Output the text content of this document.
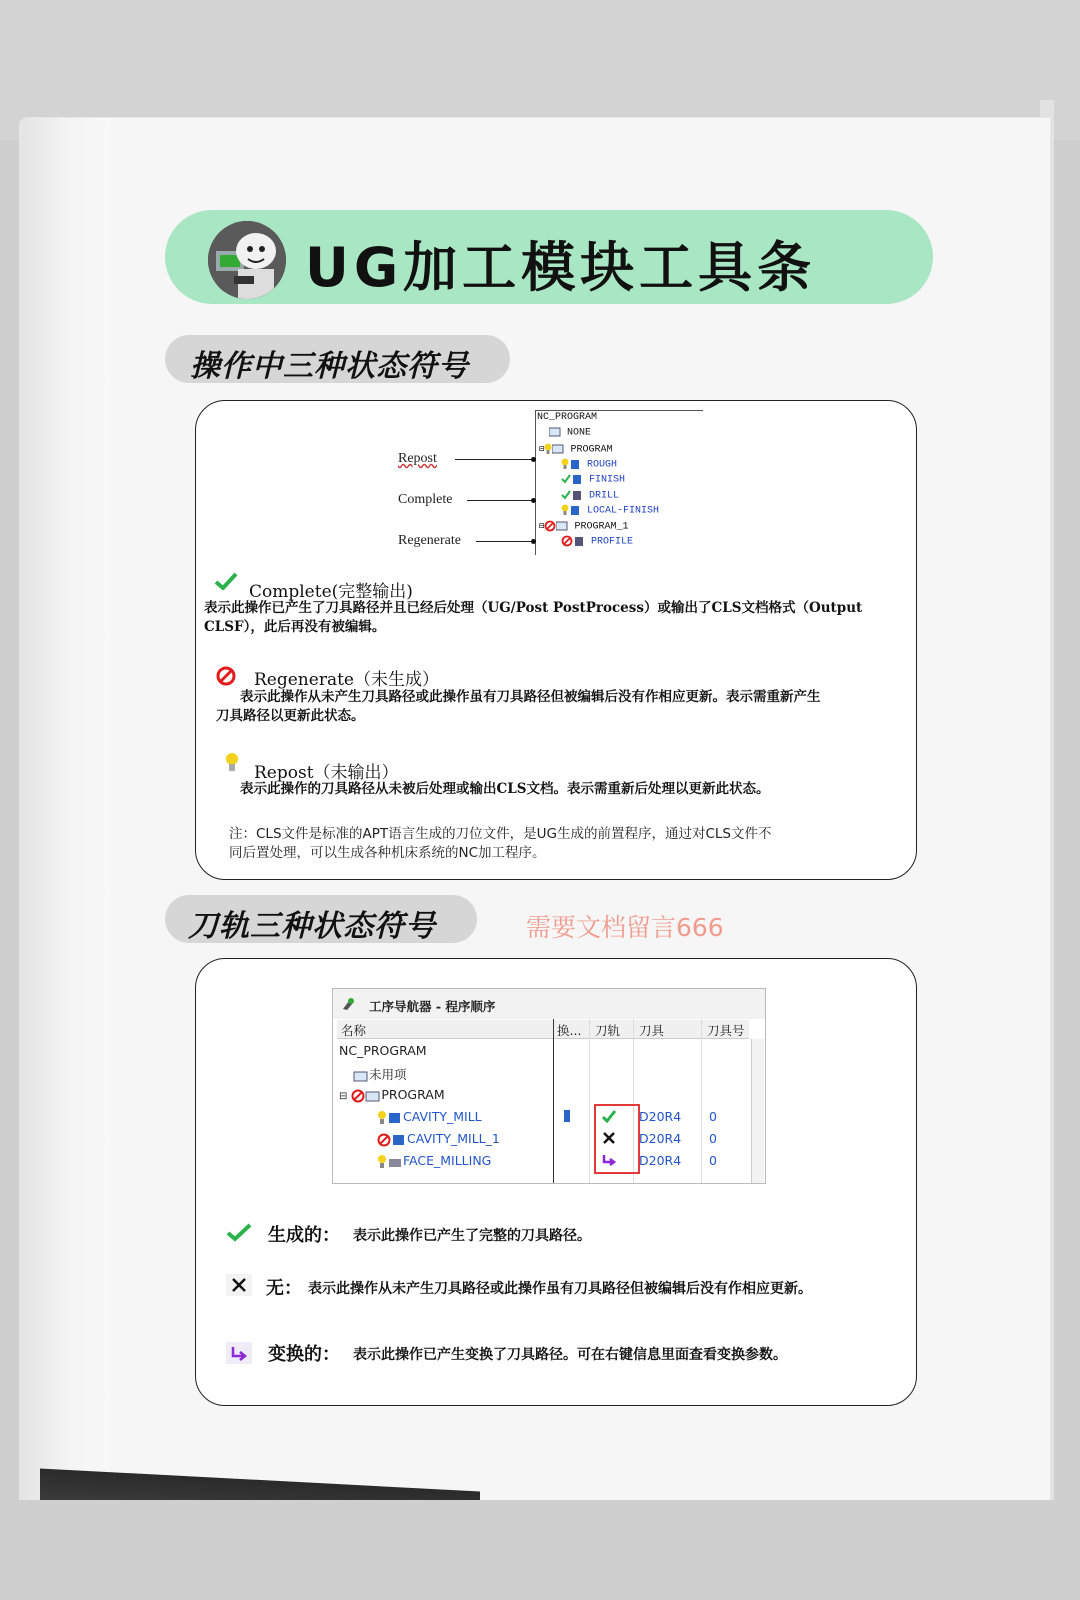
UG加工模块工具条
操作中三种状态符号
NC_PROGRAM
NONE
⊟	PROGRAM
ROUGH
FINISH
DRILL
LOCAL-FINISH
⊟	PROGRAM_1
PROFILE
Repost
Complete
Regenerate
Complete(完整输出)
表示此操作已产生了刀具路径并且已经后处理（UG/Post PostProcess）或输出了CLS文档格式（Output
CLSF），此后再没有被编辑。
Regenerate（未生成）
表示此操作从未产生刀具路径或此操作虽有刀具路径但被编辑后没有作相应更新。表示需重新产生
刀具路径以更新此状态。
Repost（未输出）
表示此操作的刀具路径从未被后处理或输出CLS文档。表示需重新后处理以更新此状态。
注：CLS文件是标准的APT语言生成的刀位文件，是UG生成的前置程序，通过对CLS文件不
同后置处理，可以生成各种机床系统的NC加工程序。
刀轨三种状态符号	需要文档留言666
工序导航器 - 程序顺序
名称	换... 刀轨 刀具	刀具号
NC_PROGRAM
未用项
⊟	PROGRAM
CAVITY_MILL	D20R4 0
CAVITY_MILL_1	D20R4 0
FACE_MILLING	D20R4 0
生成的： 表示此操作已产生了完整的刀具路径。
无： 表示此操作从未产生刀具路径或此操作虽有刀具路径但被编辑后没有作相应更新。
变换的： 表示此操作已产生变换了刀具路径。可在右键信息里面查看变换参数。
